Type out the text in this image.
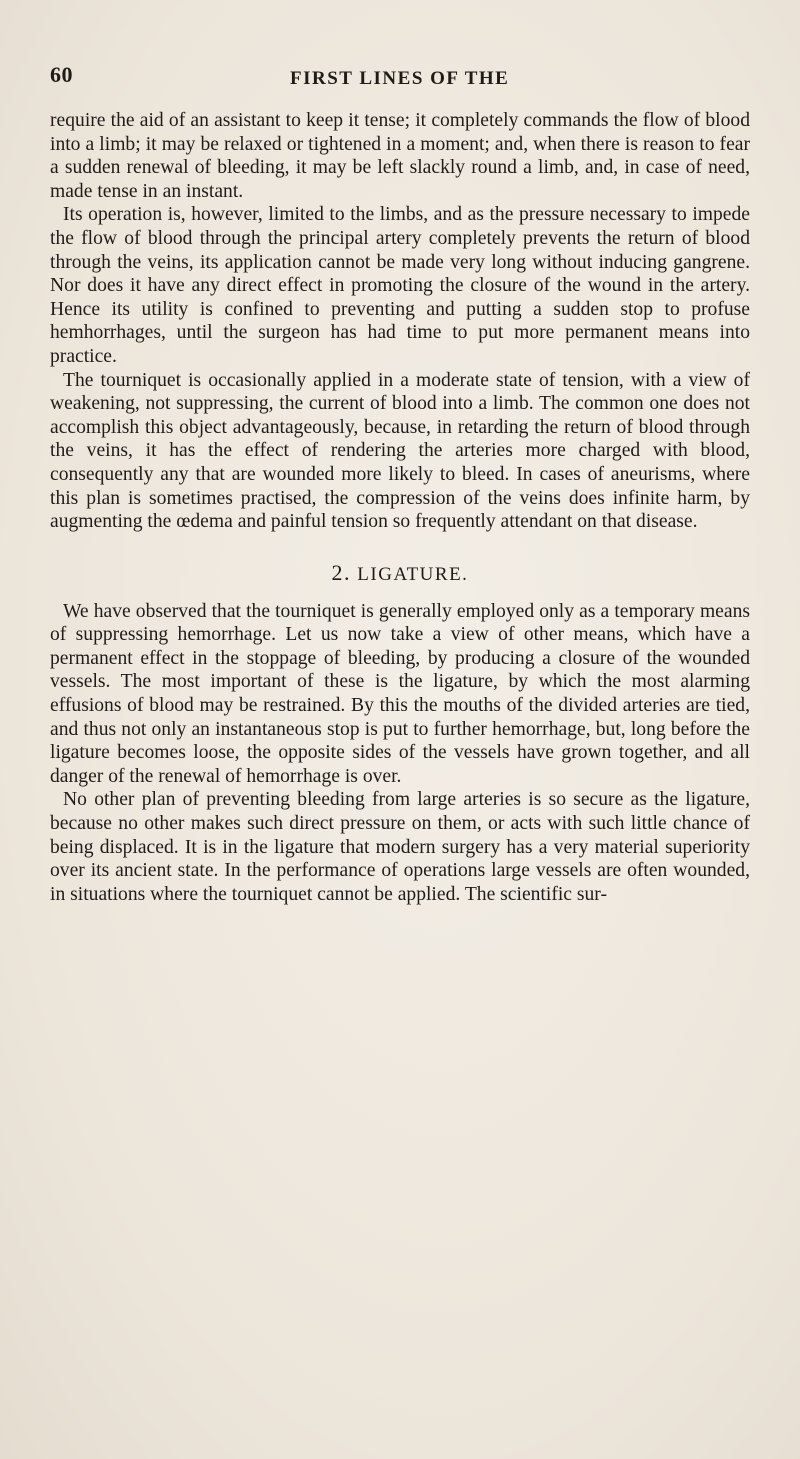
60	FIRST LINES OF THE

require the aid of an assistant to keep it tense; it completely commands the flow of blood into a limb; it may be relaxed or tightened in a moment; and, when there is reason to fear a sudden renewal of bleeding, it may be left slackly round a limb, and, in case of need, made tense in an instant.

Its operation is, however, limited to the limbs, and as the pressure necessary to impede the flow of blood through the principal artery completely prevents the return of blood through the veins, its application cannot be made very long without inducing gangrene. Nor does it have any direct effect in promoting the closure of the wound in the artery. Hence its utility is confined to preventing and putting a sudden stop to profuse hemhorrhages, until the surgeon has had time to put more permanent means into practice.

The tourniquet is occasionally applied in a moderate state of tension, with a view of weakening, not suppressing, the current of blood into a limb. The common one does not accomplish this object advantageously, because, in retarding the return of blood through the veins, it has the effect of rendering the arteries more charged with blood, consequently any that are wounded more likely to bleed. In cases of aneurisms, where this plan is sometimes practised, the compression of the veins does infinite harm, by augmenting the œdema and painful tension so frequently attendant on that disease.

2. LIGATURE.

We have observed that the tourniquet is generally employed only as a temporary means of suppressing hemorrhage. Let us now take a view of other means, which have a permanent effect in the stoppage of bleeding, by producing a closure of the wounded vessels. The most important of these is the ligature, by which the most alarming effusions of blood may be restrained. By this the mouths of the divided arteries are tied, and thus not only an instantaneous stop is put to further hemorrhage, but, long before the ligature becomes loose, the opposite sides of the vessels have grown together, and all danger of the renewal of hemorrhage is over.

No other plan of preventing bleeding from large arteries is so secure as the ligature, because no other makes such direct pressure on them, or acts with such little chance of being displaced. It is in the ligature that modern surgery has a very material superiority over its ancient state. In the performance of operations large vessels are often wounded, in situations where the tourniquet cannot be applied. The scientific sur-
